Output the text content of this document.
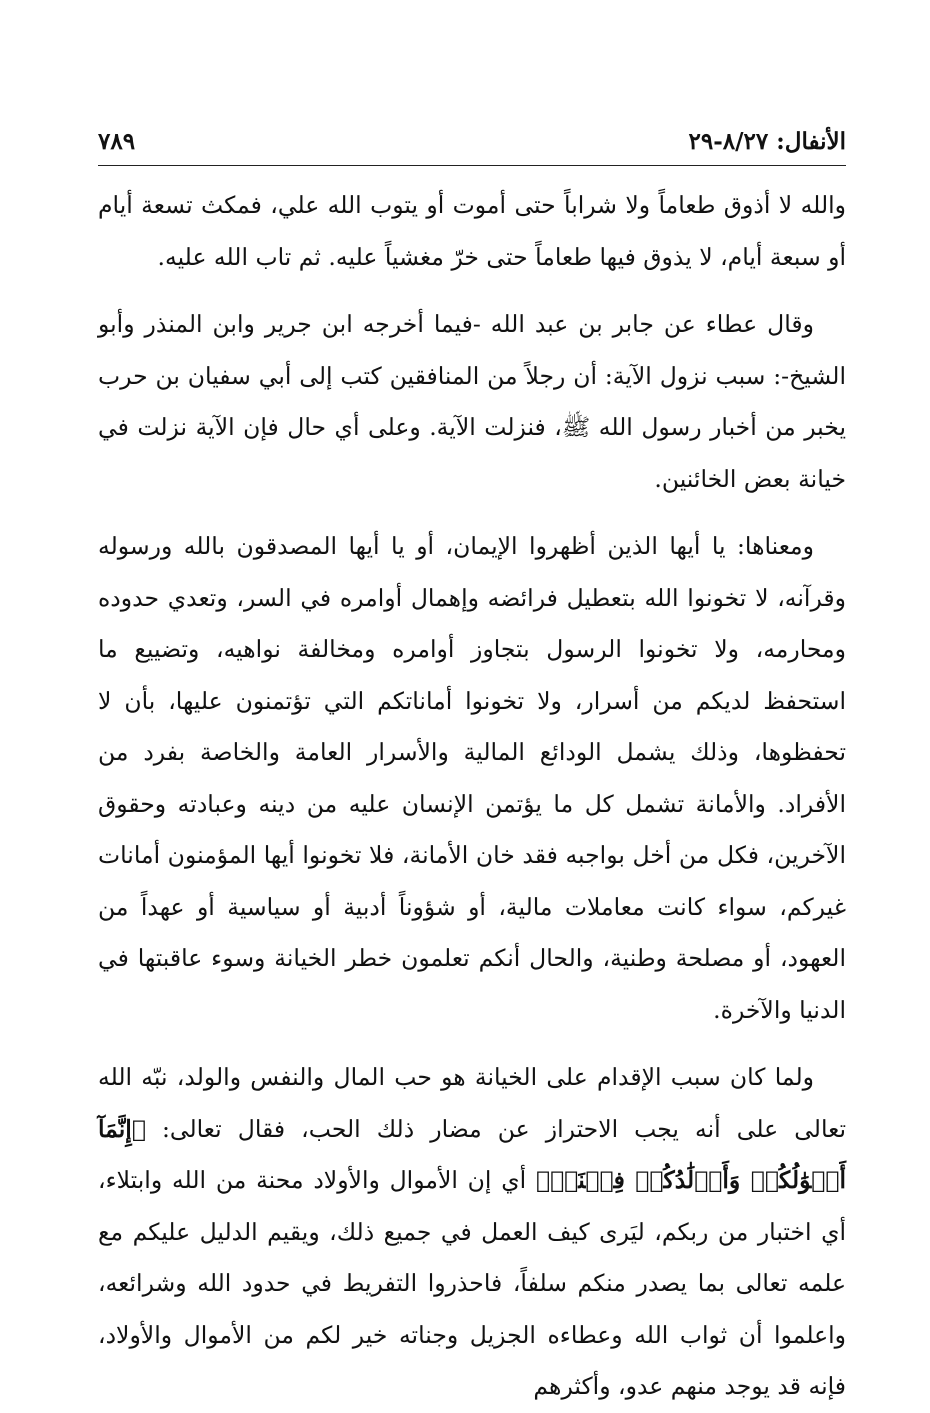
الأنفال: ٨/٢٧-٢٩
٧٨٩

والله لا أذوق طعاماً ولا شراباً حتى أموت أو يتوب الله علي، فمكث تسعة أيام أو سبعة أيام، لا يذوق فيها طعاماً حتى خرّ مغشياً عليه. ثم تاب الله عليه.

وقال عطاء عن جابر بن عبد الله -فيما أخرجه ابن جرير وابن المنذر وأبو الشيخ-: سبب نزول الآية: أن رجلاً من المنافقين كتب إلى أبي سفيان بن حرب يخبر من أخبار رسول الله ﷺ، فنزلت الآية. وعلى أي حال فإن الآية نزلت في خيانة بعض الخائنين.

ومعناها: يا أيها الذين أظهروا الإيمان، أو يا أيها المصدقون بالله ورسوله وقرآنه، لا تخونوا الله بتعطيل فرائضه وإهمال أوامره في السر، وتعدي حدوده ومحارمه، ولا تخونوا الرسول بتجاوز أوامره ومخالفة نواهيه، وتضييع ما استحفظ لديكم من أسرار، ولا تخونوا أماناتكم التي تؤتمنون عليها، بأن لا تحفظوها، وذلك يشمل الودائع المالية والأسرار العامة والخاصة بفرد من الأفراد. والأمانة تشمل كل ما يؤتمن الإنسان عليه من دينه وعبادته وحقوق الآخرين، فكل من أخل بواجبه فقد خان الأمانة، فلا تخونوا أيها المؤمنون أمانات غيركم، سواء كانت معاملات مالية، أو شؤوناً أدبية أو سياسية أو عهداً من العهود، أو مصلحة وطنية، والحال أنكم تعلمون خطر الخيانة وسوء عاقبتها في الدنيا والآخرة.

ولما كان سبب الإقدام على الخيانة هو حب المال والنفس والولد، نبّه الله تعالى على أنه يجب الاحتراز عن مضار ذلك الحب، فقال تعالى: ﴿إِنَّمَآ أَمۡوَٰلُكُمۡ وَأَوۡلَٰدُكُمۡ فِتۡنَةٞ﴾ أي إن الأموال والأولاد محنة من الله وابتلاء، أي اختبار من ربكم، ليَرى كيف العمل في جميع ذلك، ويقيم الدليل عليكم مع علمه تعالى بما يصدر منكم سلفاً، فاحذروا التفريط في حدود الله وشرائعه، واعلموا أن ثواب الله وعطاءه الجزيل وجناته خير لكم من الأموال والأولاد، فإنه قد يوجد منهم عدو، وأكثرهم
